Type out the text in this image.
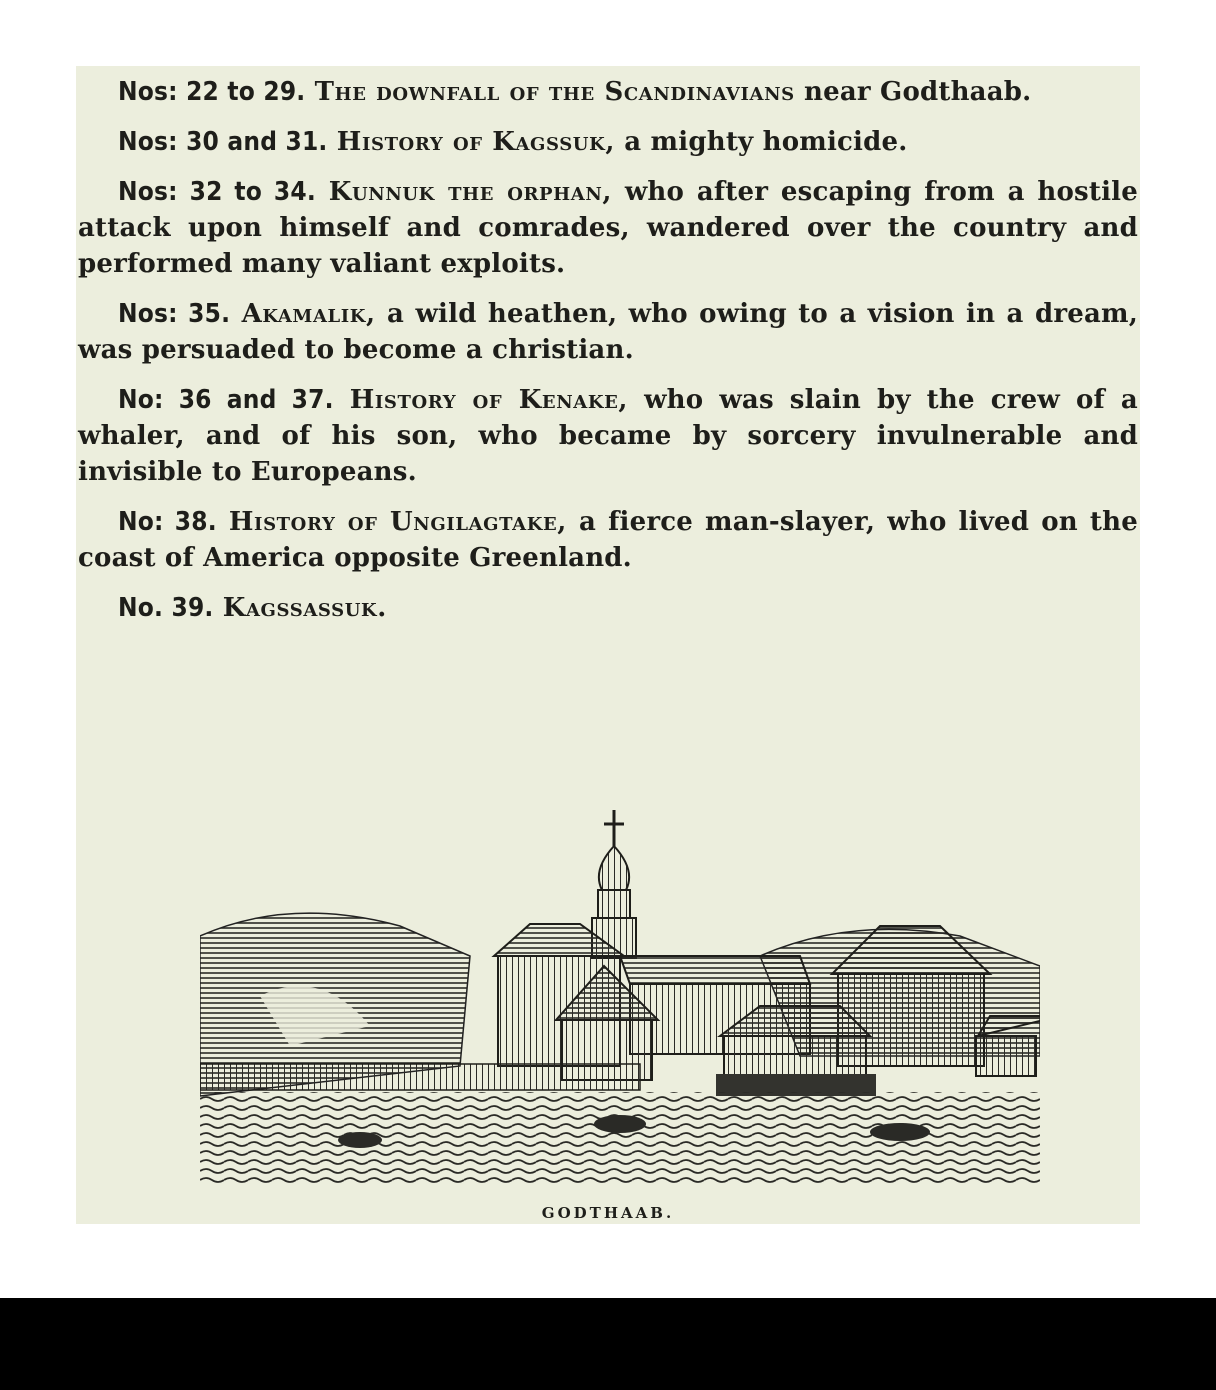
Nos: 22 to 29. The downfall of the Scandinavians near Godthaab.

Nos: 30 and 31. History of Kagssuk, a mighty homicide.

Nos: 32 to 34. Kunnuk the orphan, who after escaping from a hostile attack upon himself and comrades, wandered over the country and performed many valiant exploits.

Nos: 35. Akamalik, a wild heathen, who owing to a vision in a dream, was persuaded to become a christian.

No: 36 and 37. History of Kenake, who was slain by the crew of a whaler, and of his son, who became by sorcery invulnerable and invisible to Europeans.

No: 38. History of Ungilagtake, a fierce man-slayer, who lived on the coast of America opposite Greenland.

No. 39. Kagssassuk.

GODTHAAB.
